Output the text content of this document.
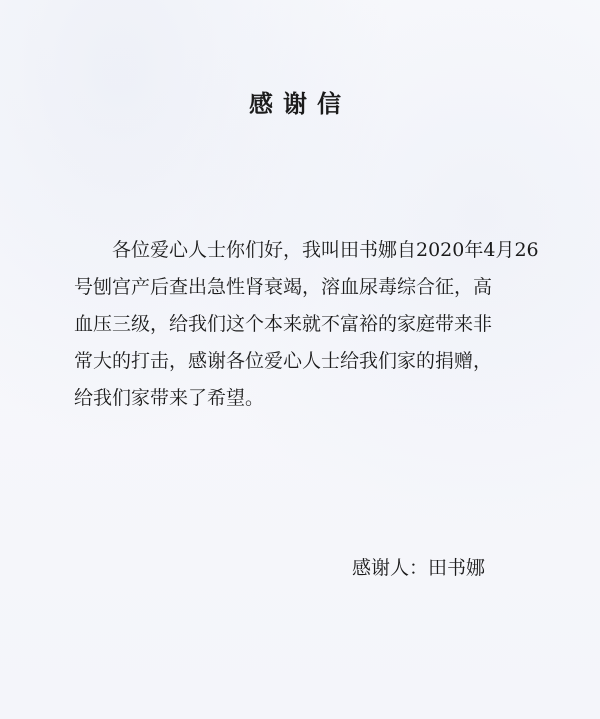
感谢信

　　各位爱心人士你们好，我叫田书娜自2020年4月26

号刨宫产后查出急性肾衰竭，溶血尿毒综合征，高

血压三级，给我们这个本来就不富裕的家庭带来非

常大的打击，感谢各位爱心人士给我们家的捐赠，

给我们家带来了希望。

感谢人：田书娜
